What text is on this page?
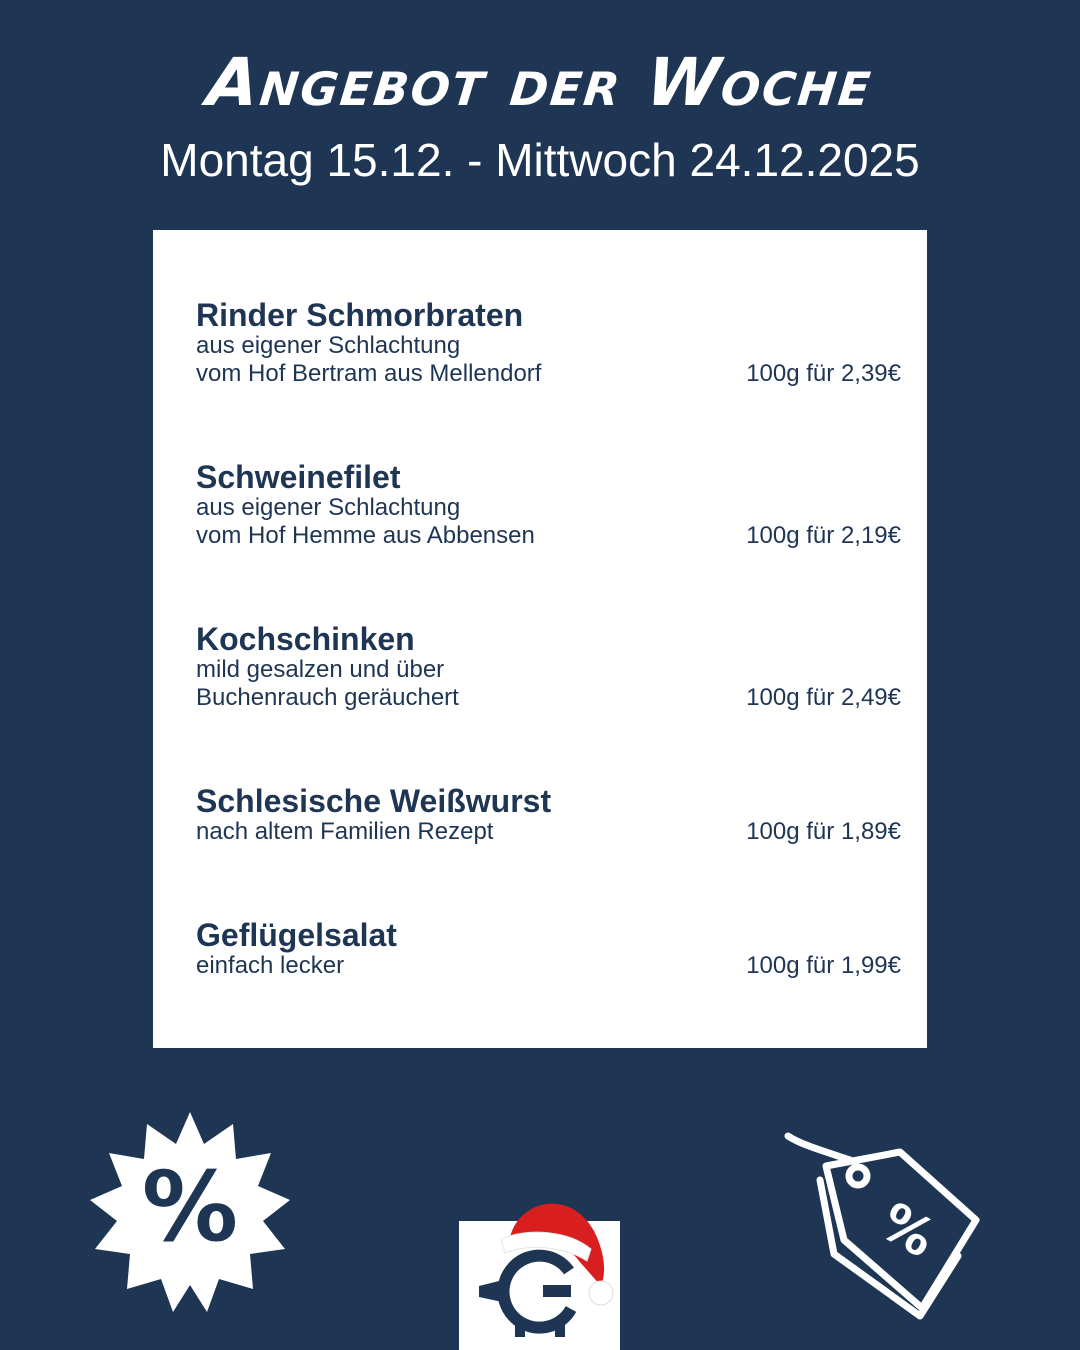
Angebot der Woche
Montag 15.12. - Mittwoch 24.12.2025
Rinder Schmorbraten
aus eigener Schlachtung
vom Hof Bertram aus Mellendorf	100g für 2,39€
Schweinefilet
aus eigener Schlachtung
vom Hof Hemme aus Abbensen	100g für 2,19€
Kochschinken
mild gesalzen und über
Buchenrauch geräuchert	100g für 2,49€
Schlesische Weißwurst
nach altem Familien Rezept	100g für 1,89€
Geflügelsalat
einfach lecker	100g für 1,99€
%	%
